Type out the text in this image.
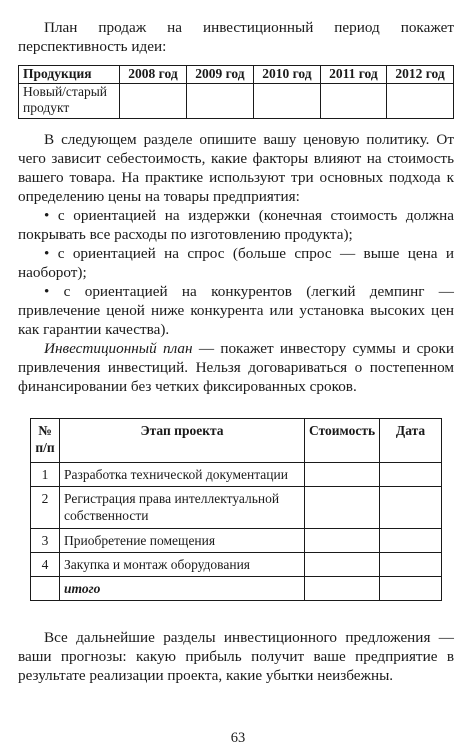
План продаж на инвестиционный период покажет перспективность идеи:

Продукция	2008 год	2009 год	2010 год	2011 год	2012 год
Новый/старый продукт					

В следующем разделе опишите вашу ценовую политику. От чего зависит себестоимость, какие факторы влияют на стоимость вашего товара. На практике используют три основных подхода к определению цены на товары предприятия:

• с ориентацией на издержки (конечная стоимость должна покрывать все расходы по изготовлению продукта);

• с ориентацией на спрос (больше спрос — выше цена и наоборот);

• с ориентацией на конкурентов (легкий демпинг — привлечение ценой ниже конкурента или установка высоких цен как гарантии качества).

Инвестиционный план — покажет инвестору суммы и сроки привлечения инвестиций. Нельзя договариваться о постепенном финансировании без четких фиксированных сроков.

№ п/п	Этап проекта	Стоимость	Дата
1	Разработка технической документации		
2	Регистрация права интеллектуальной собственности		
3	Приобретение помещения		
4	Закупка и монтаж оборудования		
	итого		

Все дальнейшие разделы инвестиционного предложения — ваши прогнозы: какую прибыль получит ваше предприятие в результате реализации проекта, какие убытки неизбежны.

63
